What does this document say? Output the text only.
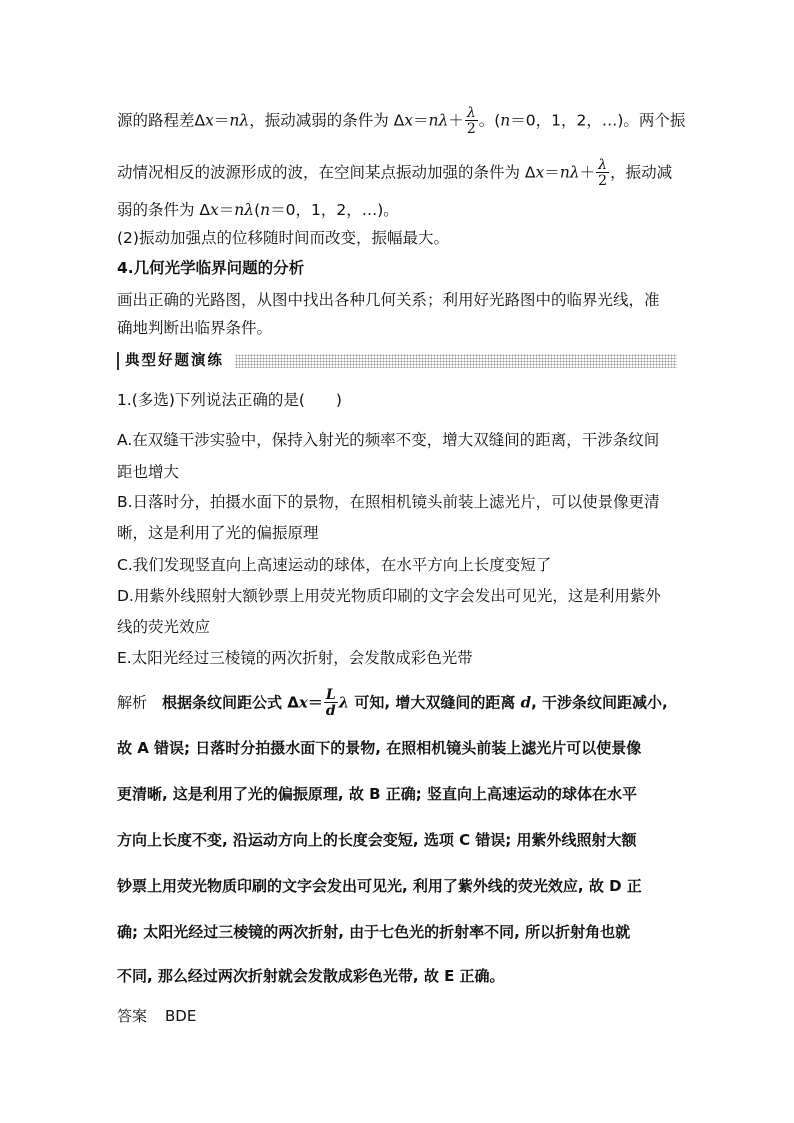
源的路程差Δx＝nλ，振动减弱的条件为 $\Delta x=n\lambda+ \frac{\lambda}{2}$ 。(n＝0，1，2，…)。两个振
动情况相反的波源形成的波，在空间某点振动加强的条件为 $\Delta x=n\lambda+ \frac{\lambda}{2}$ ，振动减
弱的条件为 Δx＝nλ(n＝0，1，2，…)。
(2)振动加强点的位移随时间而改变，振幅最大。
4.几何光学临界问题的分析
画出正确的光路图，从图中找出各种几何关系；利用好光路图中的临界光线，准
确地判断出临界条件。
典型好题演练
1.(多选)下列说法正确的是(　　)
A.在双缝干涉实验中，保持入射光的频率不变，增大双缝间的距离，干涉条纹间
距也增大
B.日落时分，拍摄水面下的景物，在照相机镜头前装上滤光片，可以使景像更清
晰，这是利用了光的偏振原理
C.我们发现竖直向上高速运动的球体，在水平方向上长度变短了
D.用紫外线照射大额钞票上用荧光物质印刷的文字会发出可见光，这是利用紫外
线的荧光效应
E.太阳光经过三棱镜的两次折射，会发散成彩色光带
解析　根据条纹间距公式 $\Delta x= \frac{L}{d}$ λ 可知, 增大双缝间的距离 d, 干涉条纹间距减小,
故 A 错误; 日落时分拍摄水面下的景物, 在照相机镜头前装上滤光片可以使景像
更清晰, 这是利用了光的偏振原理, 故 B 正确; 竖直向上高速运动的球体在水平
方向上长度不变, 沿运动方向上的长度会变短, 选项 C 错误; 用紫外线照射大额
钞票上用荧光物质印刷的文字会发出可见光, 利用了紫外线的荧光效应, 故 D 正
确; 太阳光经过三棱镜的两次折射, 由于七色光的折射率不同, 所以折射角也就
不同, 那么经过两次折射就会发散成彩色光带, 故 E 正确。
答案 BDE
